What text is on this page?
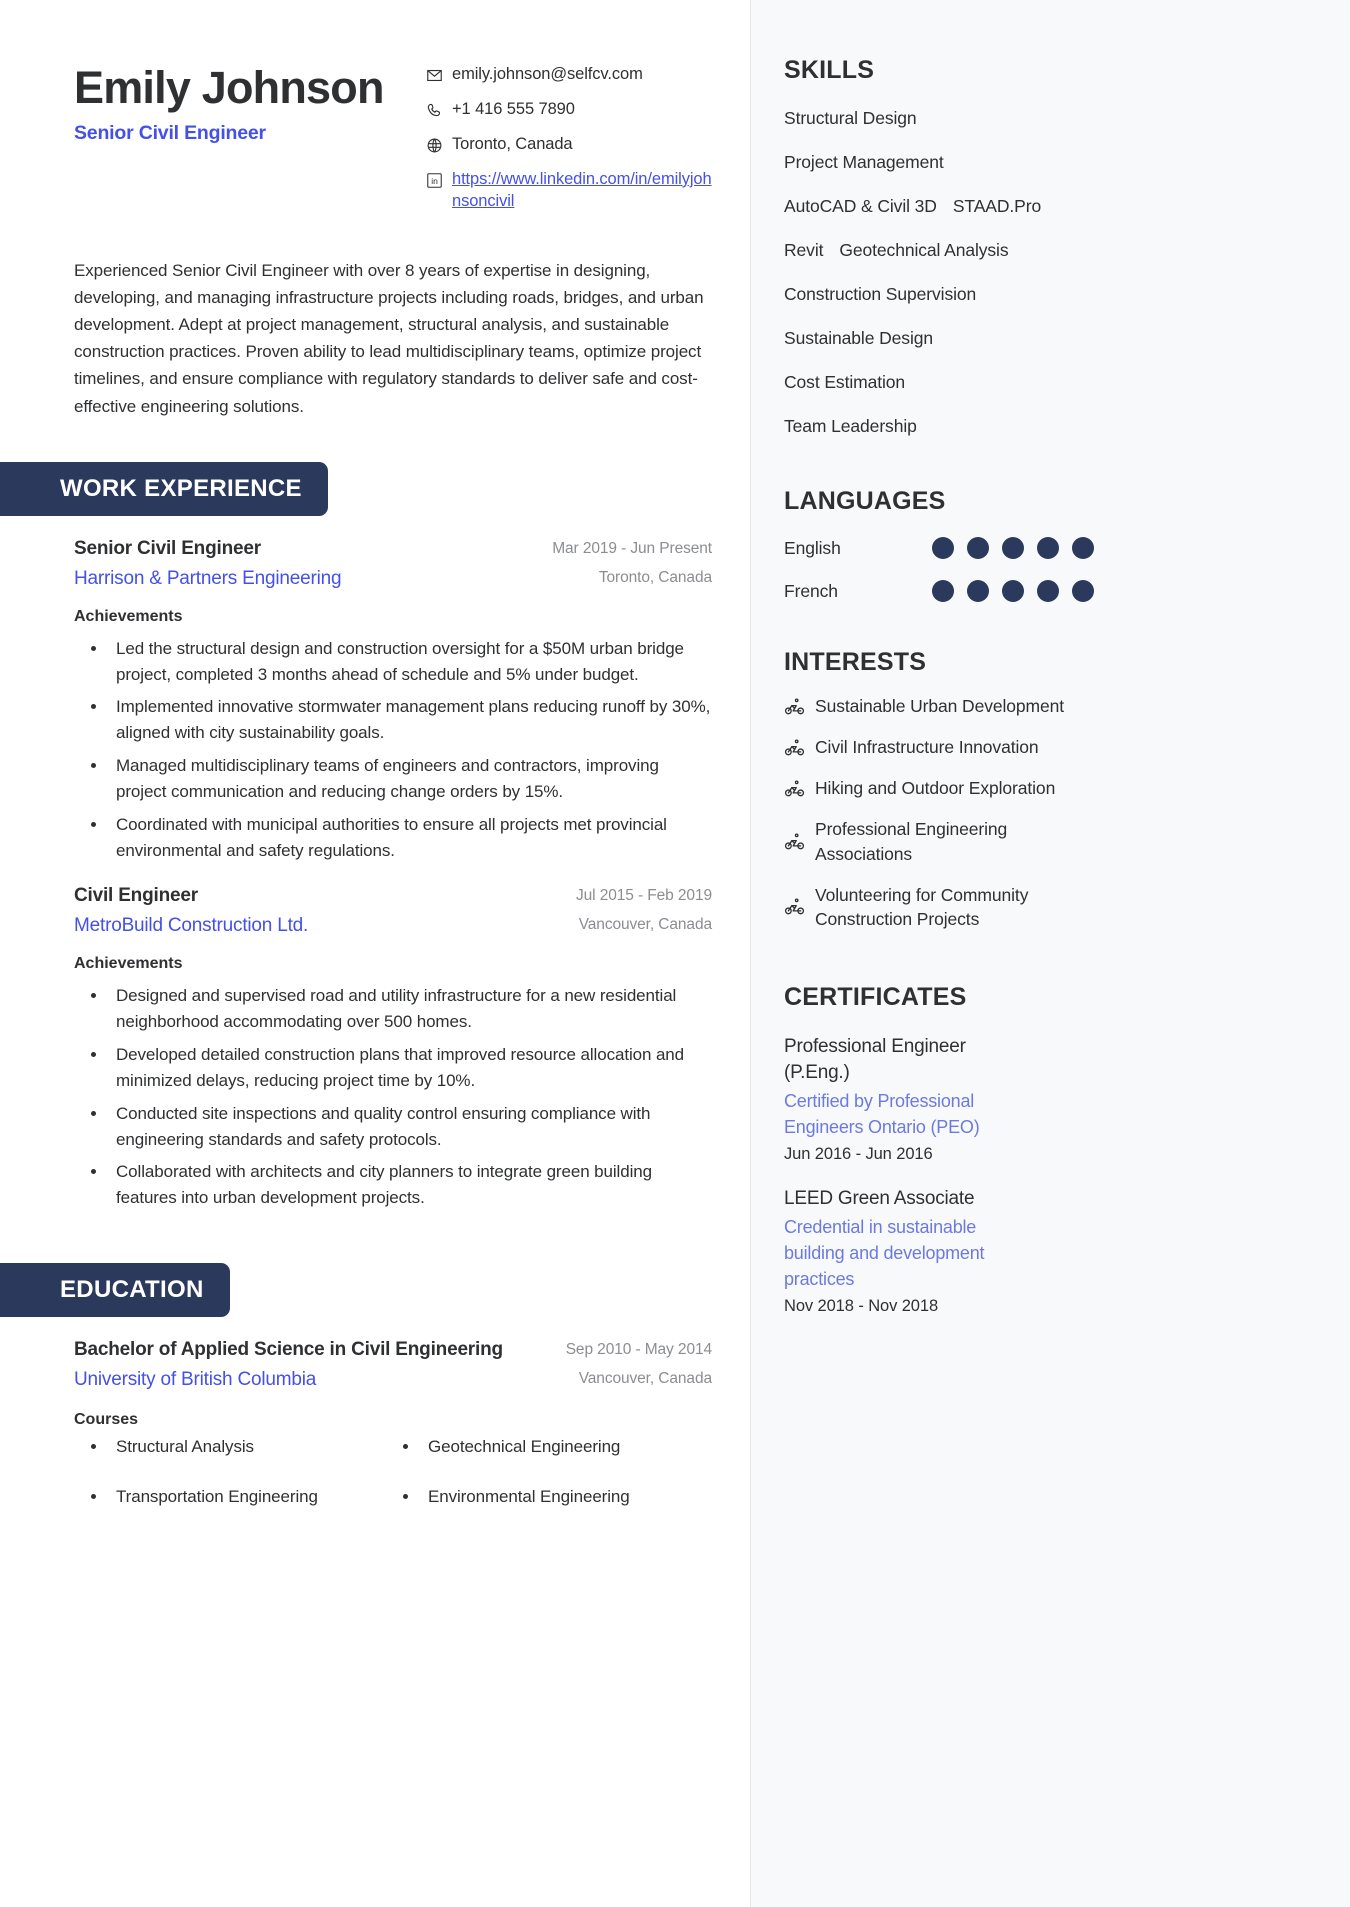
Emily Johnson
Senior Civil Engineer
emily.johnson@selfcv.com
+1 416 555 7890
Toronto, Canada
in https://www.linkedin.com/in/emilyjohnsoncivil
Experienced Senior Civil Engineer with over 8 years of expertise in designing, developing, and managing infrastructure projects including roads, bridges, and urban development. Adept at project management, structural analysis, and sustainable construction practices. Proven ability to lead multidisciplinary teams, optimize project timelines, and ensure compliance with regulatory standards to deliver safe and cost-effective engineering solutions.
WORK EXPERIENCE
Senior Civil Engineer
Harrison & Partners Engineering
Mar 2019 - Jun Present
Toronto, Canada
Achievements
• Led the structural design and construction oversight for a $50M urban bridge project, completed 3 months ahead of schedule and 5% under budget.
• Implemented innovative stormwater management plans reducing runoff by 30%, aligned with city sustainability goals.
• Managed multidisciplinary teams of engineers and contractors, improving project communication and reducing change orders by 15%.
• Coordinated with municipal authorities to ensure all projects met provincial environmental and safety regulations.
Civil Engineer
MetroBuild Construction Ltd.
Jul 2015 - Feb 2019
Vancouver, Canada
Achievements
• Designed and supervised road and utility infrastructure for a new residential neighborhood accommodating over 500 homes.
• Developed detailed construction plans that improved resource allocation and minimized delays, reducing project time by 10%.
• Conducted site inspections and quality control ensuring compliance with engineering standards and safety protocols.
• Collaborated with architects and city planners to integrate green building features into urban development projects.
EDUCATION
Bachelor of Applied Science in Civil Engineering
University of British Columbia
Sep 2010 - May 2014
Vancouver, Canada
Courses
• Structural Analysis
• Transportation Engineering
• Geotechnical Engineering
• Environmental Engineering
SKILLS
Structural Design
Project Management
AutoCAD & Civil 3D STAAD.Pro
Revit Geotechnical Analysis
Construction Supervision
Sustainable Design
Cost Estimation
Team Leadership
LANGUAGES
English
French
INTERESTS
Sustainable Urban Development
Civil Infrastructure Innovation
Hiking and Outdoor Exploration
Professional Engineering Associations
Volunteering for Community Construction Projects
CERTIFICATES
Professional Engineer (P.Eng.)
Certified by Professional Engineers Ontario (PEO)
Jun 2016 - Jun 2016
LEED Green Associate
Credential in sustainable building and development practices
Nov 2018 - Nov 2018
